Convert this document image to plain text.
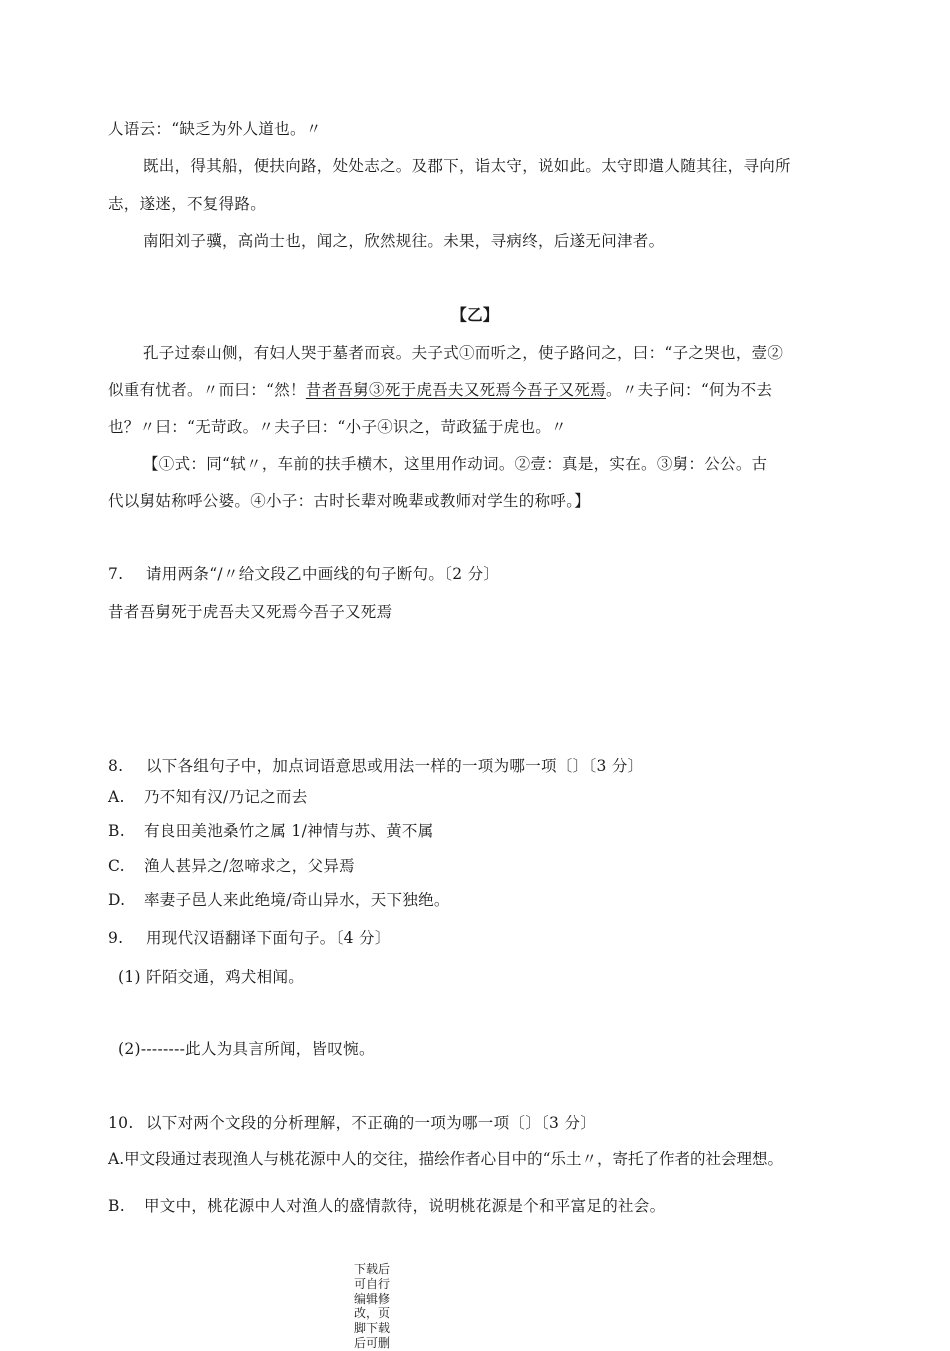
人语云：“缺乏为外人道也。〃
既出，得其船，便扶向路，处处志之。及郡下，诣太守，说如此。太守即遣人随其往，寻向所
志，遂迷，不复得路。
南阳刘子骥，高尚士也，闻之，欣然规往。未果，寻病终，后遂无问津者。
【乙】
孔子过泰山侧，有妇人哭于墓者而哀。夫子式①而听之，使子路问之，曰：“子之哭也，壹②
似重有忧者。〃而曰：“然！昔者吾舅③死于虎吾夫又死焉今吾子又死焉。〃夫子问：“何为不去
也？〃曰：“无苛政。〃夫子曰：“小子④识之，苛政猛于虎也。〃
【①式：同“轼〃，车前的扶手横木，这里用作动词。②壹：真是，实在。③舅：公公。古
代以舅姑称呼公婆。④小子：古时长辈对晚辈或教师对学生的称呼。】
7. 请用两条“/〃给文段乙中画线的句子断句。〔2 分〕
昔者吾舅死于虎吾夫又死焉今吾子又死焉
8. 以下各组句子中，加点词语意思或用法一样的一项为哪一项〔〕〔3 分〕
A. 乃不知有汉/乃记之而去
B. 有良田美池桑竹之属 1/神情与苏、黄不属
C. 渔人甚异之/忽啼求之，父异焉
D. 率妻子邑人来此绝境/奇山异水，天下独绝。
9. 用现代汉语翻译下面句子。〔4 分〕
(1) 阡陌交通，鸡犬相闻。
(2)--------此人为具言所闻，皆叹惋。
10. 以下对两个文段的分析理解，不正确的一项为哪一项〔〕〔3 分〕
A.甲文段通过表现渔人与桃花源中人的交往，描绘作者心目中的“乐土〃，寄托了作者的社会理想。
B. 甲文中，桃花源中人对渔人的盛情款待，说明桃花源是个和平富足的社会。
下载后可自行编辑修改，页脚下载后可删
